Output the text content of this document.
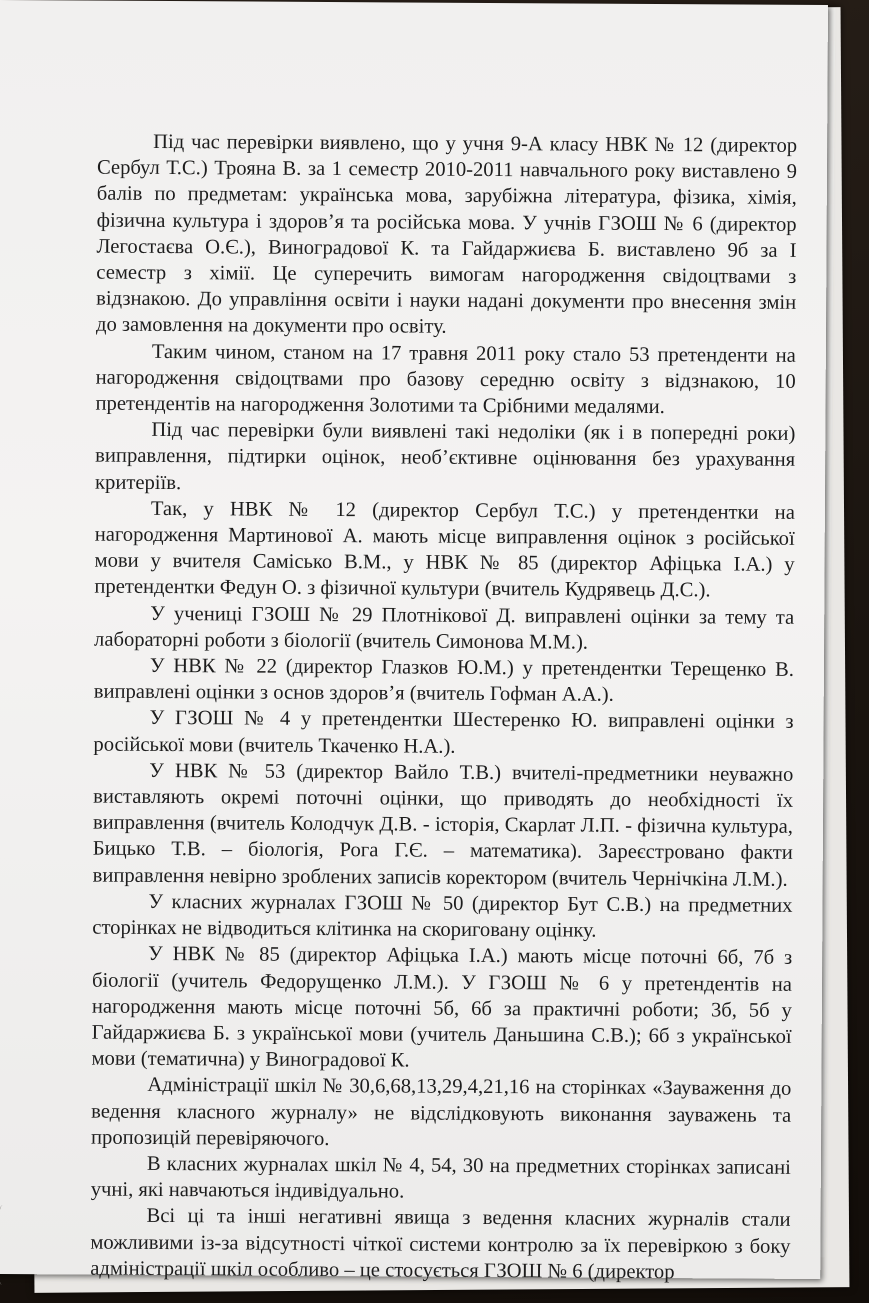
Під час перевірки виявлено, що у учня 9-А класу НВК № 12 (директор Сербул Т.С.) Трояна В. за 1 семестр 2010-2011 навчального року виставлено 9 балів по предметам: українська мова, зарубіжна література, фізика, хімія, фізична культура і здоров’я та російська мова. У учнів ГЗОШ № 6 (директор Легостаєва О.Є.), Виноградової К. та Гайдаржиєва Б. виставлено 9б за І семестр з хімії. Це суперечить вимогам нагородження свідоцтвами з відзнакою. До управління освіти і науки надані документи про внесення змін до замовлення на документи про освіту.

Таким чином, станом на 17 травня 2011 року стало 53 претенденти на нагородження свідоцтвами про базову середню освіту з відзнакою, 10 претендентів на нагородження Золотими та Срібними медалями.

Під час перевірки були виявлені такі недоліки (як і в попередні роки) виправлення, підтирки оцінок, необ’єктивне оцінювання без урахування критеріїв.

Так, у НВК № 12 (директор Сербул Т.С.) у претендентки на нагородження Мартинової А. мають місце виправлення оцінок з російської мови у вчителя Самісько В.М., у НВК № 85 (директор Афіцька І.А.) у претендентки Федун О. з фізичної культури (вчитель Кудрявець Д.С.).

У учениці ГЗОШ № 29 Плотнікової Д. виправлені оцінки за тему та лабораторні роботи з біології (вчитель Симонова М.М.).

У НВК № 22 (директор Глазков Ю.М.) у претендентки Терещенко В. виправлені оцінки з основ здоров’я (вчитель Гофман А.А.).

У ГЗОШ № 4 у претендентки Шестеренко Ю. виправлені оцінки з російської мови (вчитель Ткаченко Н.А.).

У НВК № 53 (директор Вайло Т.В.) вчителі-предметники неуважно виставляють окремі поточні оцінки, що приводять до необхідності їх виправлення (вчитель Колодчук Д.В. - історія, Скарлат Л.П. - фізична культура, Бицько Т.В. – біологія, Рога Г.Є. – математика). Зареєстровано факти виправлення невірно зроблених записів коректором (вчитель Чернічкіна Л.М.).

У класних журналах ГЗОШ № 50 (директор Бут С.В.) на предметних сторінках не відводиться клітинка на скориговану оцінку.

У НВК № 85 (директор Афіцька І.А.) мають місце поточні 6б, 7б з біології (учитель Федорущенко Л.М.). У ГЗОШ № 6 у претендентів на нагородження мають місце поточні 5б, 6б за практичні роботи; 3б, 5б у Гайдаржиєва Б. з української мови (учитель Даньшина С.В.); 6б з української мови (тематична) у Виноградової К.

Адміністрації шкіл № 30,6,68,13,29,4,21,16 на сторінках «Зауваження до ведення класного журналу» не відслідковують виконання зауважень та пропозицій перевіряючого.

В класних журналах шкіл № 4, 54, 30 на предметних сторінках записані учні, які навчаються індивідуально.

Всі ці та інші негативні явища з ведення класних журналів стали можливими із-за відсутності чіткої системи контролю за їх перевіркою з боку адміністрації шкіл особливо – це стосується ГЗОШ № 6 (директор
